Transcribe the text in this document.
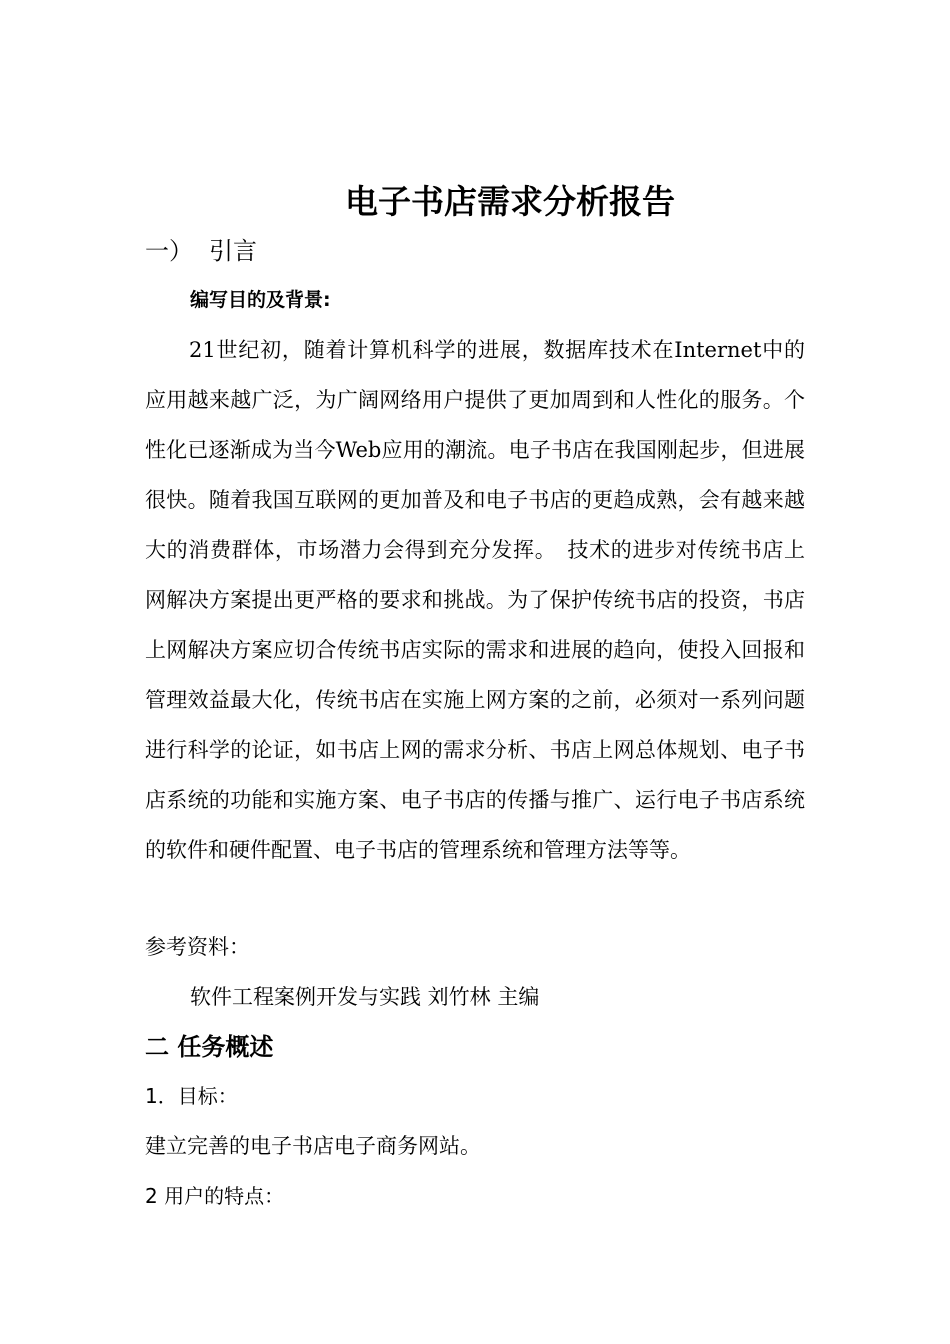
电子书店需求分析报告
一） 引言
编写目的及背景:
21世纪初，随着计算机科学的进展，数据库技术在Internet中的应用越来越广泛，为广阔网络用户提供了更加周到和人性化的服务。个性化已逐渐成为当今Web应用的潮流。电子书店在我国刚起步，但进展很快。随着我国互联网的更加普及和电子书店的更趋成熟，会有越来越大的消费群体，市场潜力会得到充分发挥。　技术的进步对传统书店上网解决方案提出更严格的要求和挑战。为了保护传统书店的投资，书店上网解决方案应切合传统书店实际的需求和进展的趋向，使投入回报和管理效益最大化，传统书店在实施上网方案的之前，必须对一系列问题进行科学的论证，如书店上网的需求分析、书店上网总体规划、电子书店系统的功能和实施方案、电子书店的传播与推广、运行电子书店系统的软件和硬件配置、电子书店的管理系统和管理方法等等。
参考资料：
软件工程案例开发与实践 刘竹林 主编
二 任务概述
1．目标：
建立完善的电子书店电子商务网站。
2 用户的特点：
